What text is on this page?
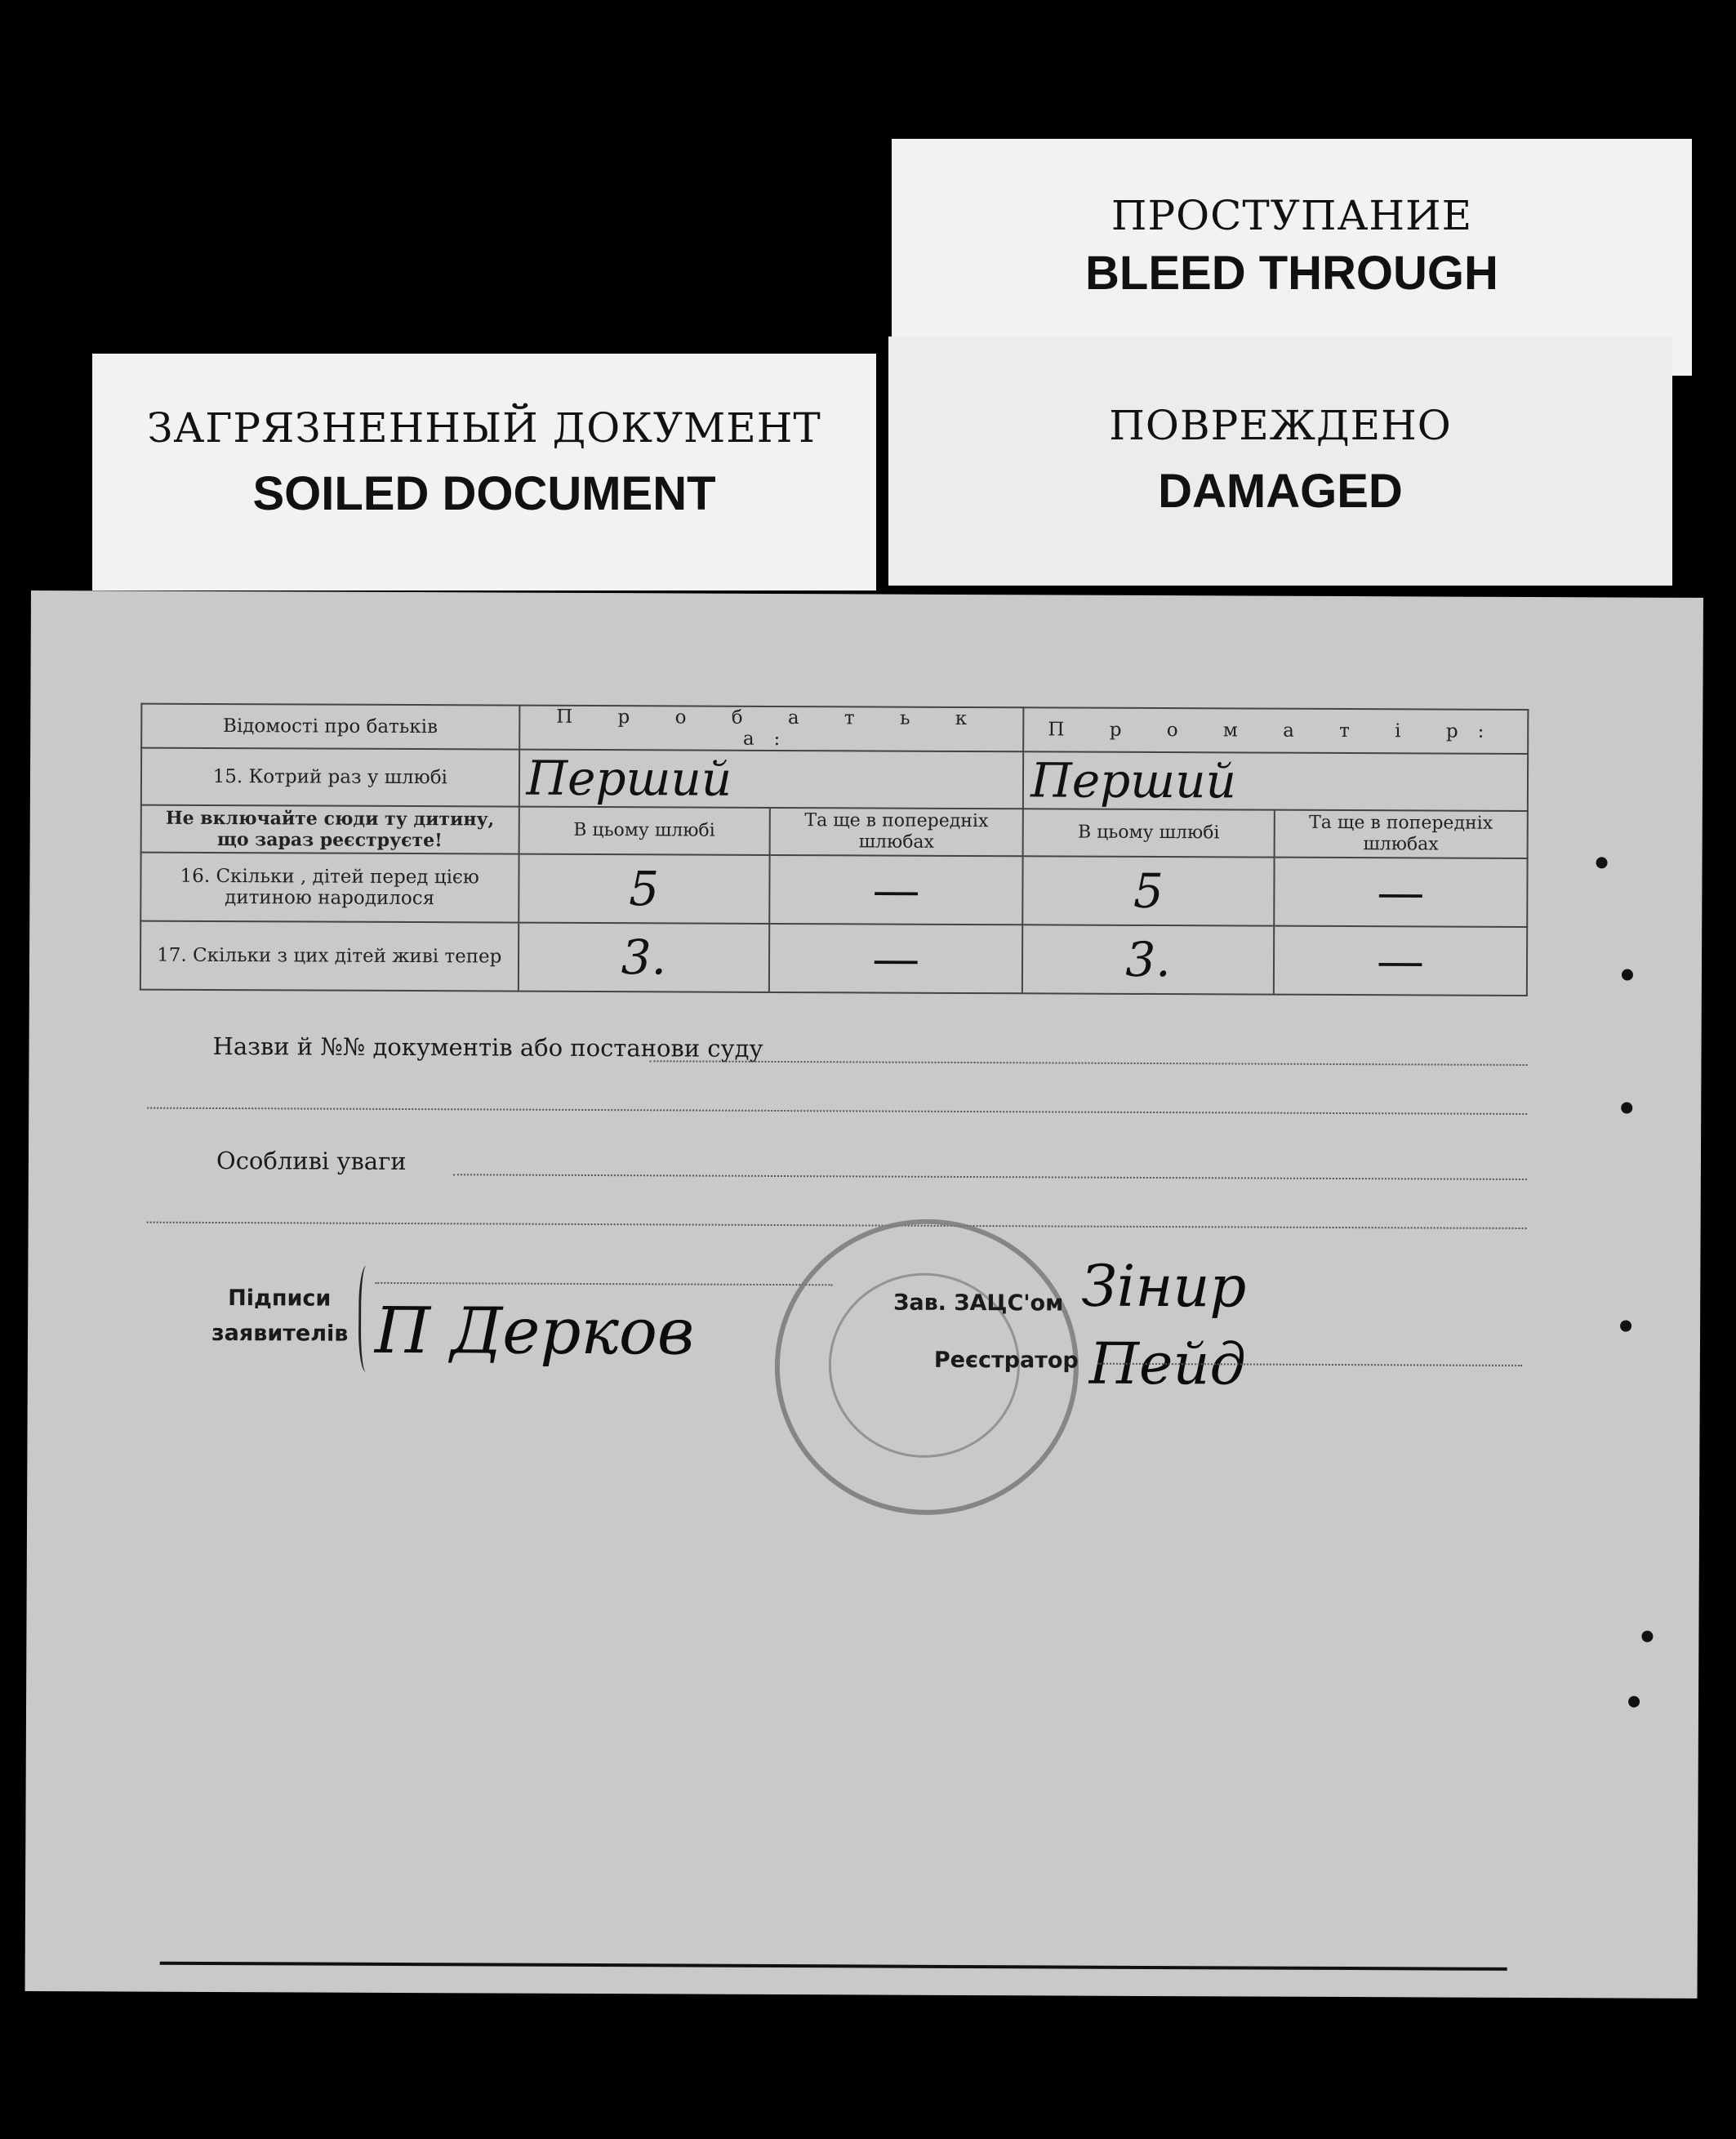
ЗАГРЯЗНЕННЫЙ ДОКУМЕНТ
SOILED DOCUMENT
ПРОСТУПАНИЕ
BLEED THROUGH
ПОВРЕЖДЕНО
DAMAGED
Відомості про батьків	П р о б а т ь к а:		П р о м а т і р:	
15. Котрий раз у шлюбі	Перший		Перший	
Не включайте сюди ту дитину, що зараз реєструєте!	В цьому шлюбі	Та ще в попередніх шлюбах	В цьому шлюбі	Та ще в попередніх шлюбах
16. Скільки , дітей перед цією дитиною народилося	5	—	5	—
17. Скільки з цих дітей живі тепер	3.	—	3.	—
Назви й №№ документів або постанови суду
Особливі уваги
Підписи
заявителів П Дерков	Зав. ЗАЦС'ом Зінир
Реєстратор Пейд
